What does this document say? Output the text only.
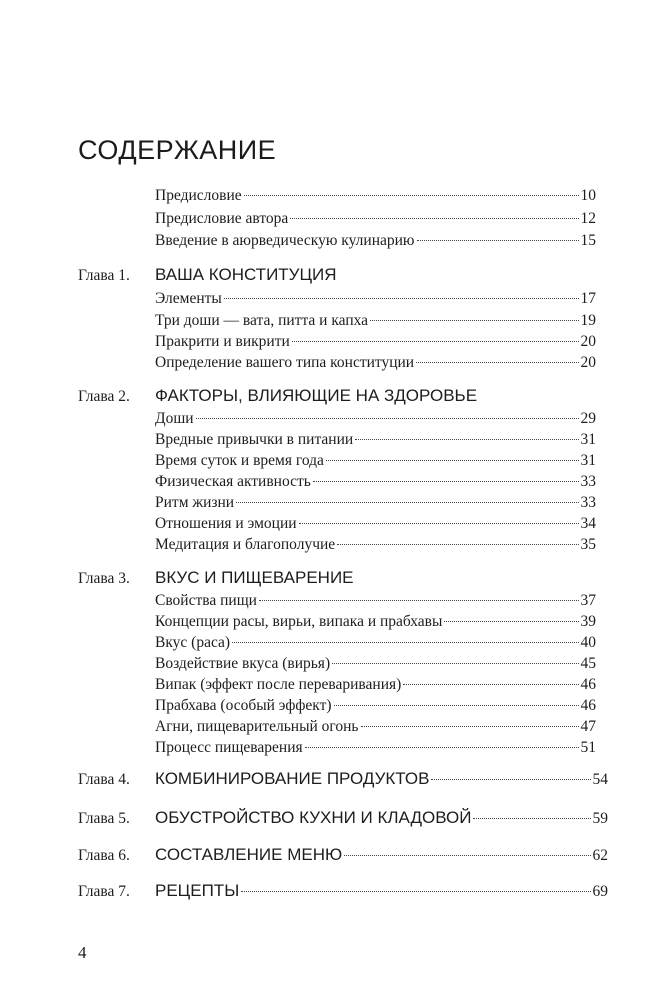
СОДЕРЖАНИЕ
Предисловие	10
Предисловие автора	12
Введение в аюрведическую кулинарию	15
Глава 1.	ВАША КОНСТИТУЦИЯ
Элементы	17
Три доши — вата, питта и капха	19
Пракрити и викрити	20
Определение вашего типа конституции	20
Глава 2.	ФАКТОРЫ, ВЛИЯЮЩИЕ НА ЗДОРОВЬЕ
Доши	29
Вредные привычки в питании	31
Время суток и время года	31
Физическая активность	33
Ритм жизни	33
Отношения и эмоции	34
Медитация и благополучие	35
Глава 3.	ВКУС И ПИЩЕВАРЕНИЕ
Свойства пищи	37
Концепции расы, вирьи, випака и прабхавы	39
Вкус (раса)	40
Воздействие вкуса (вирья)	45
Випак (эффект после переваривания)	46
Прабхава (особый эффект)	46
Агни, пищеварительный огонь	47
Процесс пищеварения	51
Глава 4.	КОМБИНИРОВАНИЕ ПРОДУКТОВ	54
Глава 5.	ОБУСТРОЙСТВО КУХНИ И КЛАДОВОЙ	59
Глава 6.	СОСТАВЛЕНИЕ МЕНЮ	62
Глава 7.	РЕЦЕПТЫ	69
4
